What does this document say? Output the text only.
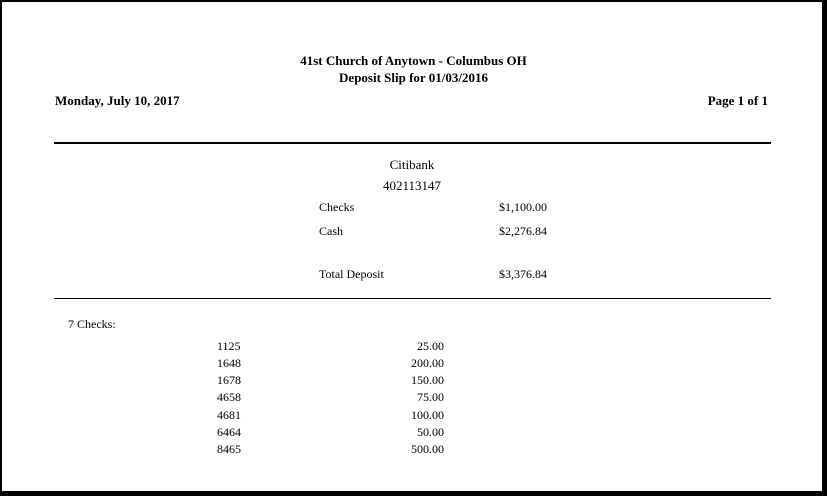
41st Church of Anytown - Columbus OH
Deposit Slip for 01/03/2016
Monday, July 10, 2017	Page 1 of 1
Citibank
402113147
Checks	$1,100.00
Cash	$2,276.84
Total Deposit	$3,376.84
7 Checks:
1125	25.00
1648	200.00
1678	150.00
4658	75.00
4681	100.00
6464	50.00
8465	500.00
